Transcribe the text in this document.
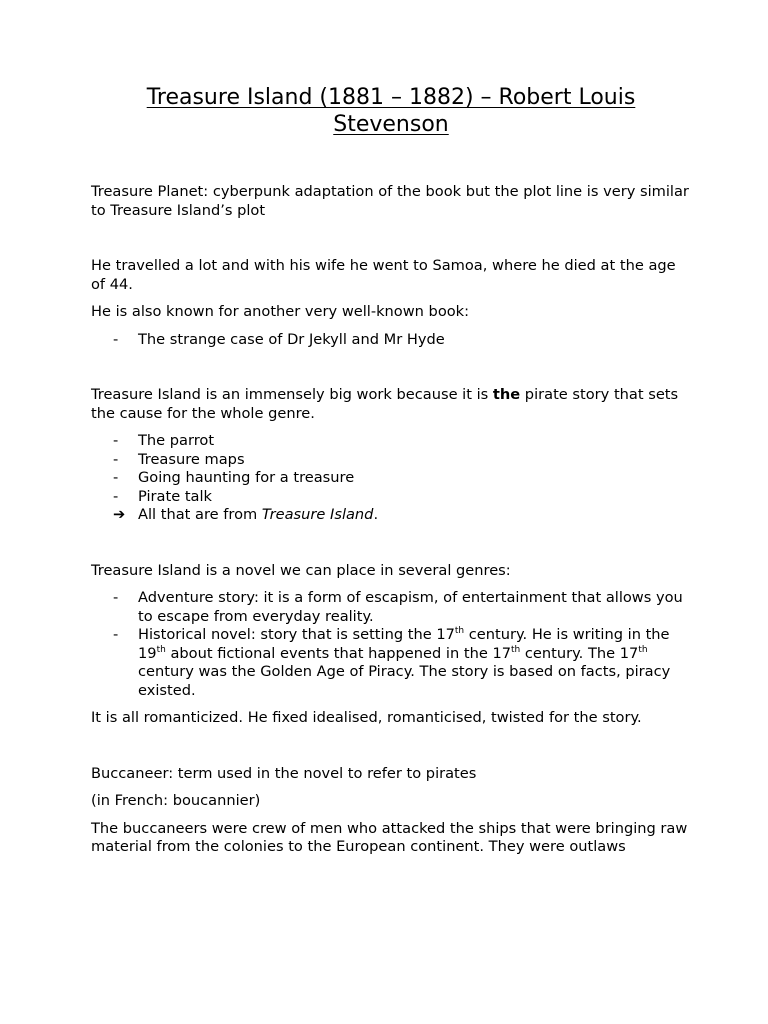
Treasure Island (1881 – 1882) – Robert Louis
Stevenson

Treasure Planet: cyberpunk adaptation of the book but the plot line is very similar to Treasure Island’s plot

He travelled a lot and with his wife he went to Samoa, where he died at the age of 44.

He is also known for another very well-known book:

- The strange case of Dr Jekyll and Mr Hyde

Treasure Island is an immensely big work because it is the pirate story that sets the cause for the whole genre.

- The parrot
- Treasure maps
- Going haunting for a treasure
- Pirate talk
➔ All that are from Treasure Island.

Treasure Island is a novel we can place in several genres:

- Adventure story: it is a form of escapism, of entertainment that allows you to escape from everyday reality.
- Historical novel: story that is setting the 17th century. He is writing in the 19th about fictional events that happened in the 17th century. The 17th century was the Golden Age of Piracy. The story is based on facts, piracy existed.

It is all romanticized. He fixed idealised, romanticised, twisted for the story.

Buccaneer: term used in the novel to refer to pirates

(in French: boucannier)

The buccaneers were crew of men who attacked the ships that were bringing raw material from the colonies to the European continent. They were outlaws
